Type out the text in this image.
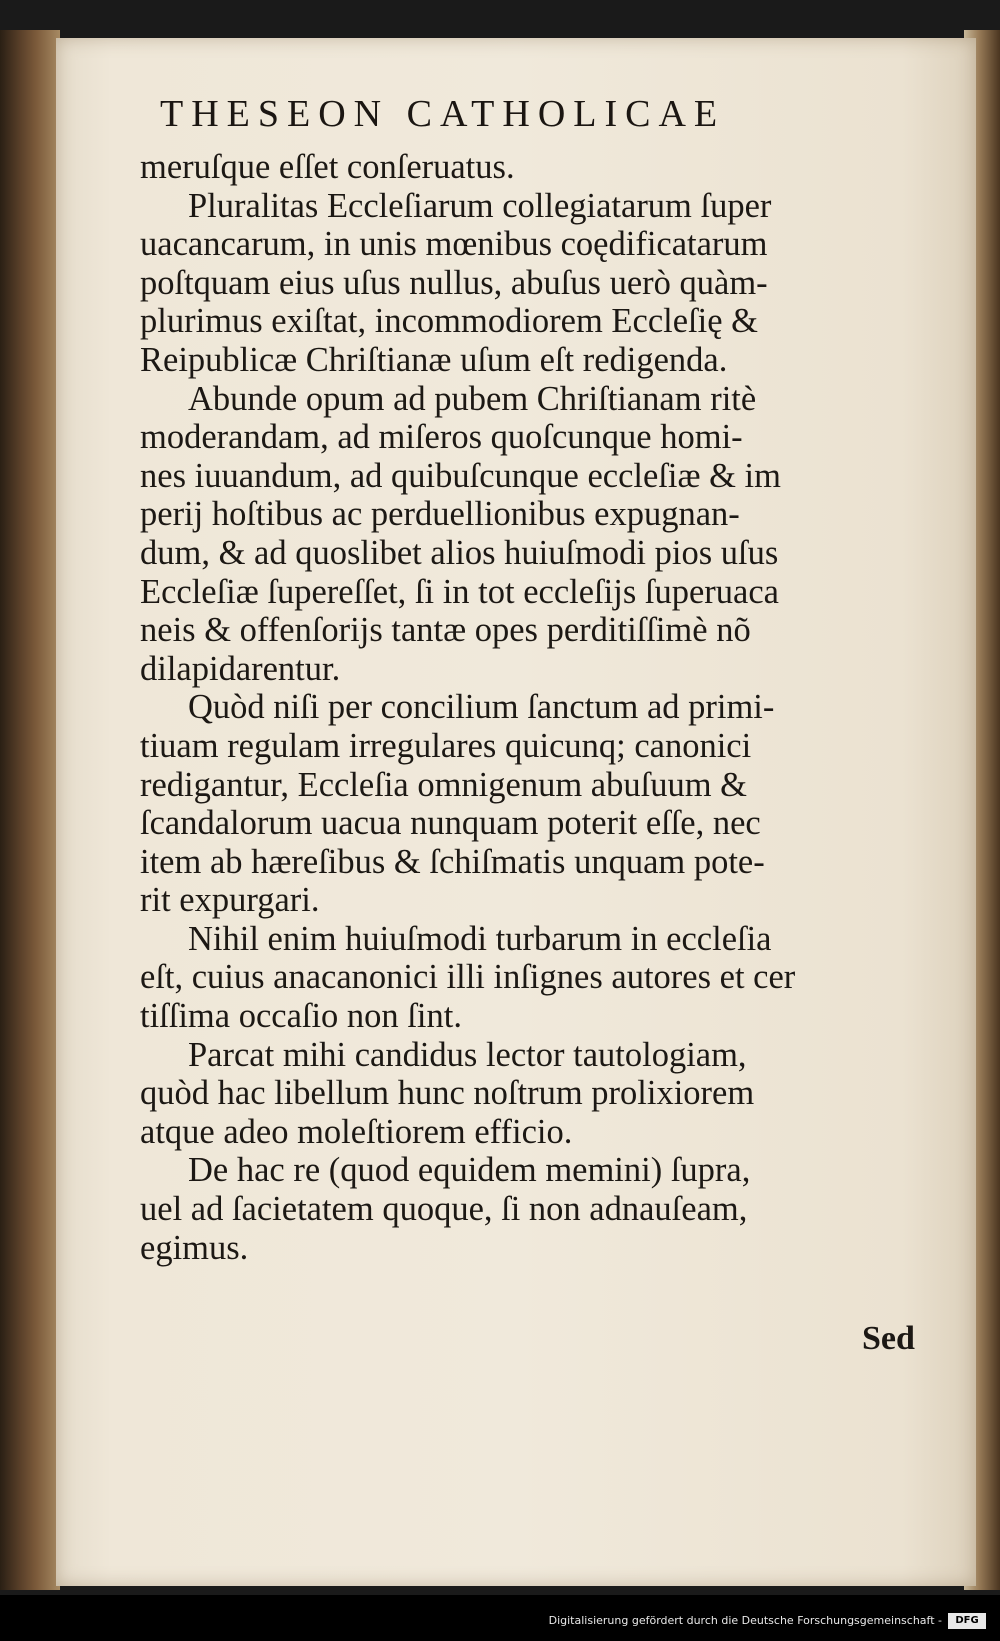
THESEON CATHOLICAE
meruſque eſſet conſeruatus.
Pluralitas Eccleſiarum collegiatarum ſuper
uacancarum, in unis mœnibus coędificatarum
poſtquam eius uſus nullus, abuſus uerò quàm-
plurimus exiſtat, incommodiorem Eccleſię &
Reipublicæ Chriſtianæ uſum eſt redigenda.
Abunde opum ad pubem Chriſtianam ritè
moderandam, ad miſeros quoſcunque homi-
nes iuuandum, ad quibuſcunque eccleſiæ & im
perij hoſtibus ac perduellionibus expugnan-
dum, & ad quoslibet alios huiuſmodi pios uſus
Eccleſiæ ſupereſſet, ſi in tot eccleſijs ſuperuaca
neis & offenſorijs tantæ opes perditiſſimè nõ
dilapidarentur.
Quòd niſi per concilium ſanctum ad primi-
tiuam regulam irregulares quicunq; canonici
redigantur, Eccleſia omnigenum abuſuum &
ſcandalorum uacua nunquam poterit eſſe, nec
item ab hæreſibus & ſchiſmatis unquam pote-
rit expurgari.
Nihil enim huiuſmodi turbarum in eccleſia
eſt, cuius anacanonici illi inſignes autores et cer
tiſſima occaſio non ſint.
Parcat mihi candidus lector tautologiam,
quòd hac libellum hunc noſtrum prolixiorem
atque adeo moleſtiorem efficio.
De hac re (quod equidem memini) ſupra,
uel ad ſacietatem quoque, ſi non adnauſeam,
egimus.
Sed
Digitalisierung gefördert durch die Deutsche Forschungsgemeinschaft -	DFG
